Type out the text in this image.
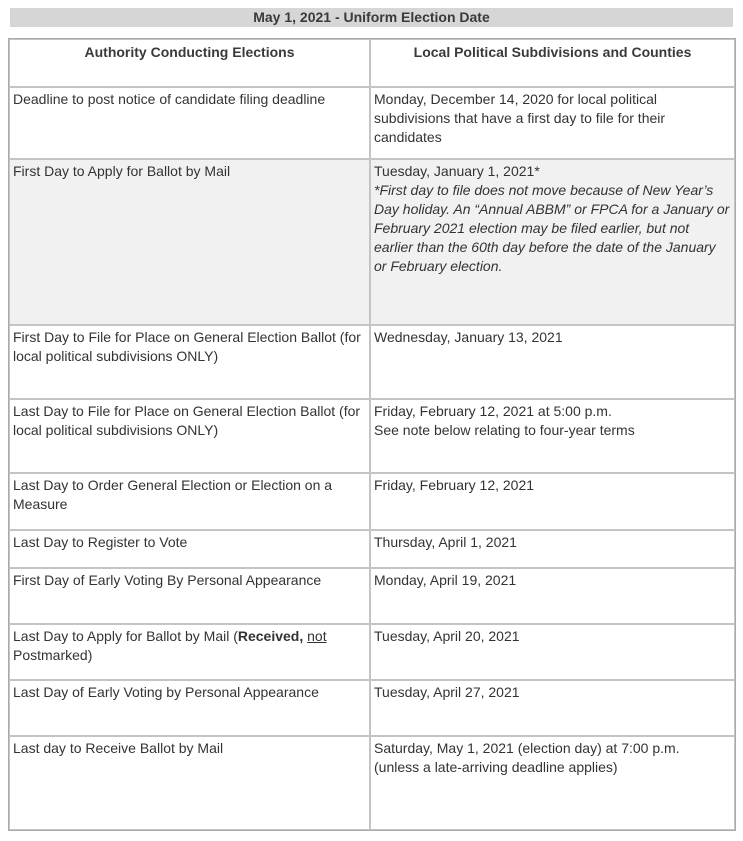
May 1, 2021 - Uniform Election Date
Authority Conducting Elections	Local Political Subdivisions and Counties
Deadline to post notice of candidate filing deadline	Monday, December 14, 2020 for local political subdivisions that have a first day to file for their candidates
First Day to Apply for Ballot by Mail	Tuesday, January 1, 2021*
*First day to file does not move because of New Year’s Day holiday. An “Annual ABBM” or FPCA for a January or February 2021 election may be filed earlier, but not earlier than the 60th day before the date of the January or February election.

First Day to File for Place on General Election Ballot (for local political subdivisions ONLY)	Wednesday, January 13, 2021
Last Day to File for Place on General Election Ballot (for local political subdivisions ONLY)	Friday, February 12, 2021 at 5:00 p.m.
See note below relating to four-year terms
Last Day to Order General Election or Election on a Measure	Friday, February 12, 2021
Last Day to Register to Vote	Thursday, April 1, 2021
First Day of Early Voting By Personal Appearance	Monday, April 19, 2021
Last Day to Apply for Ballot by Mail (Received, not Postmarked)	Tuesday, April 20, 2021
Last Day of Early Voting by Personal Appearance	Tuesday, April 27, 2021
Last day to Receive Ballot by Mail	Saturday, May 1, 2021 (election day) at 7:00 p.m. (unless a late-arriving deadline applies)
